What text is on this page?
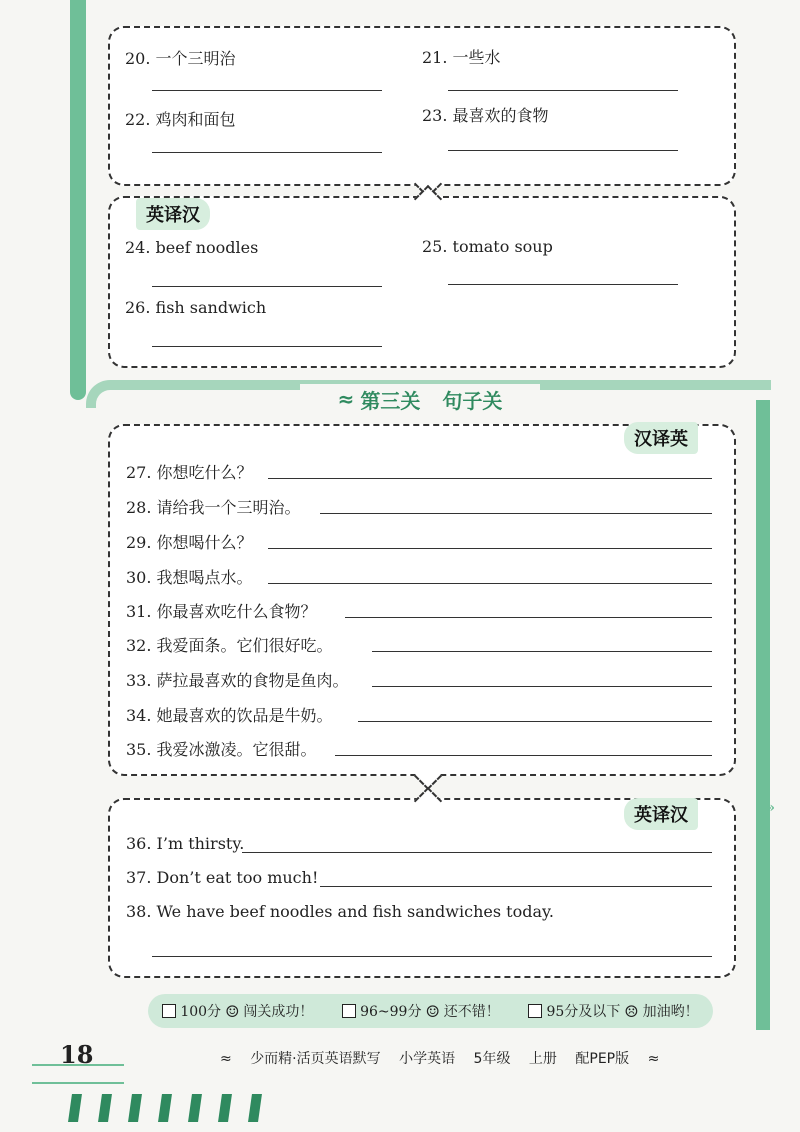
»
»
20. 一个三明治	21. 一些水
22. 鸡肉和面包	23. 最喜欢的食物
英译汉
24. beef noodles	25. tomato soup
26. fish sandwich
≈ 第三关 句子关
汉译英
27. 你想吃什么？
28. 请给我一个三明治。
29. 你想喝什么？
30. 我想喝点水。
31. 你最喜欢吃什么食物？
32. 我爱面条。它们很好吃。
33. 萨拉最喜欢的食物是鱼肉。
34. 她最喜欢的饮品是牛奶。
35. 我爱冰激凌。它很甜。
英译汉
36. I’m thirsty.
37. Don’t eat too much!
38. We have beef noodles and fish sandwiches today.
100分 ☺ 闯关成功！	96~99分 ☺ 还不错！	95分及以下 ☹ 加油哟！
18	≈ 少而精·活页英语默写 小学英语 5年级 上册 配PEP版 ≈
